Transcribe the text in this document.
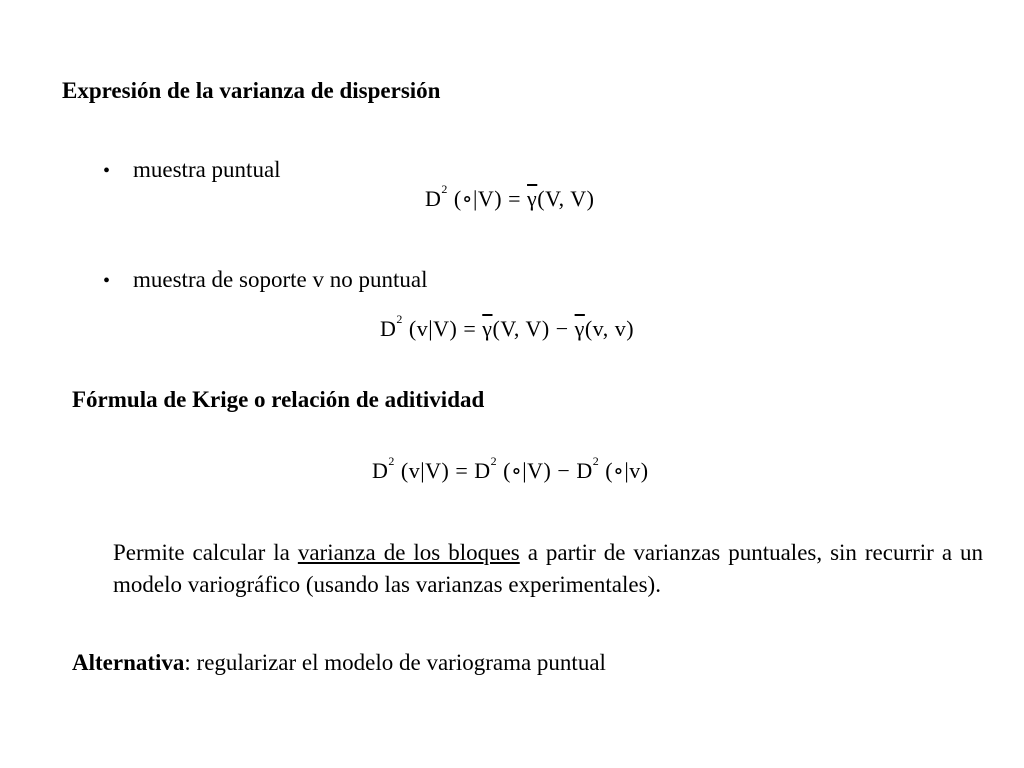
Expresión de la varianza de dispersión
• muestra puntual
$D^2$ (∘|V) = $\overline{\gamma}(V$, V)
• muestra de soporte v no puntual
$D^2$ $(v|V) = \overline{\gamma}(V$, $V) - \overline{\gamma}(v$, v)
Fórmula de Krige o relación de aditividad
$D^2$ $(v|V) = D^2$ (∘|V) − $D^2$ (∘|v)
Permite calcular la varianza de los bloques a partir de varianzas puntuales, sin recurrir a un modelo variográfico (usando las varianzas experimentales).
Alternativa: regularizar el modelo de variograma puntual
